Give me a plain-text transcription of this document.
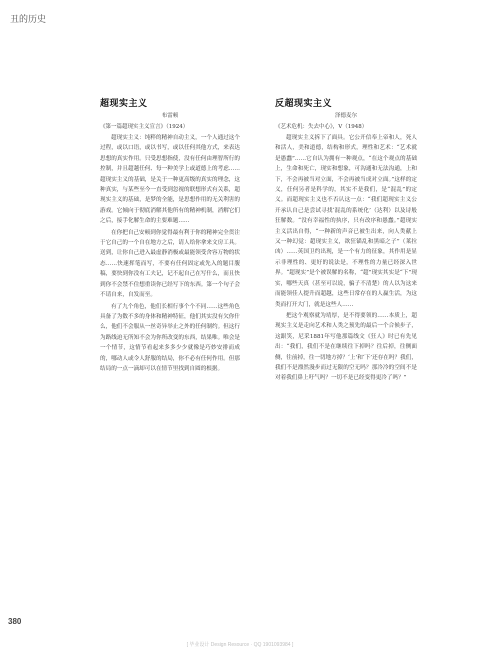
丑的历史
超现实主义
布雷顿
《第一篇超现实主义宣言》（1924）

超现实主义：纯粹的精神自动主义，一个人通过这个过程，或以口语，或以书写，或以任何其他方式，来表达思想的真实作用。只受思想指使，没有任何由理智所行的控制，并且超越任何、每一种美学上或道德上的考虑……超现实主义的基础，是关于一种更高级的真实的理念，这种真实，与某些至今一直受到忽视的联想形式有关系，超现实主义的基础，是梦的全能，是思想作用的无关利害的游戏。它倾向于彻底消解其他所有的精神机制，消解它们之后，接手化解生命的主要难题……

在你把自己安顿到你觉得最有利于你的精神完全贯注于它自己的一个自在地方之后，请人给你拿来文房工具。送到，让你自己进入最虚静消极或最能领受舍容万物的状态……快速挥笔而写，不要有任何固定或先入的题目腹稿，要快到你没有工夫记，记不起自己在写什么，而且快到你不会禁不住想重读你已经写下的东西。第一个句子会不请自来，自发而至。

有了九个角色，他们长相行事个个不同……这些角色具备了为数不多的身体和精神特征，他们其实没有欠你什么，他们不会服从一丝奇异举止之外的任何制约。但这行为路线迫无所知不会为你所改变的东西，结果唯。唯会是一个情节，这情节看起来多多少少就像是巧妙安排而成的，哪动人或令人舒服的结局，你不必有任何作用。但那结局的一点一滴却可以在情节里找到自圆的根据。

反超现实主义
泽德麦尔
《艺术危机：失去中心》，V（1948）

超现实主义拆下了面具。它公开信奉上帝和人，死人和活人，美和道德，结构和形式，理性和艺术：“艺术就是愚蠢”……它自认为拥有一种观点，“在这个观点的基础上，生命和死亡，现实和想象，可沟通和无法沟通，上和下，不会再被当对立面，不会再被当成对立面。”这样的定义，任何另者是科学的，其实不是我们，是“混乱”的定义。而超现实主义也不否认这一点：“我们超现实主义公开承认自己是尝试寻找‘混乱的系统化’（达利）以及诗般狂解数。“没有幸福性的执序，只有改序和愚蠢。”超现实主义活出自得，“一种新的声音已被生出来，向人类献上又一种幻觉：超现实主义，欲狂锚乱和黑暗之子”（莱拉凶）……英国卫约出现，是一个有力的征象，其作用是显示非理性的、更好的说法是，不理性的力量已经深入世界。“超现实”是个被误解的名称，“超”现实其实是“下”现实，哪些天真（甚至可以说，骗子不清楚）的人以为这来而能领佳人提升而超越，这些日常存在的人赢生活，为这类而打开大门，就是这些人……

把这个观察就为靖厚，是不得要领的……本质上，超现实主义是走向艺术和人类之预先的最后一个合候步子，这跟笑，尼采1881年写他那篇线文《狂人》时已有先见出：“我们，我们不是在继续往下掉吗？往后掉，往侧面侧，往前掉，往一切地方掉？‘上’和‘下’还存在吗？我们，我们不是漂然漫步而过无限的空无吗？那冷冷的空间不是对着我们鼻上吁气吗？一切不是已经变得更冷了吗？”

380
[ 毕业设计 Design Resource · QQ 1901093984 ]
